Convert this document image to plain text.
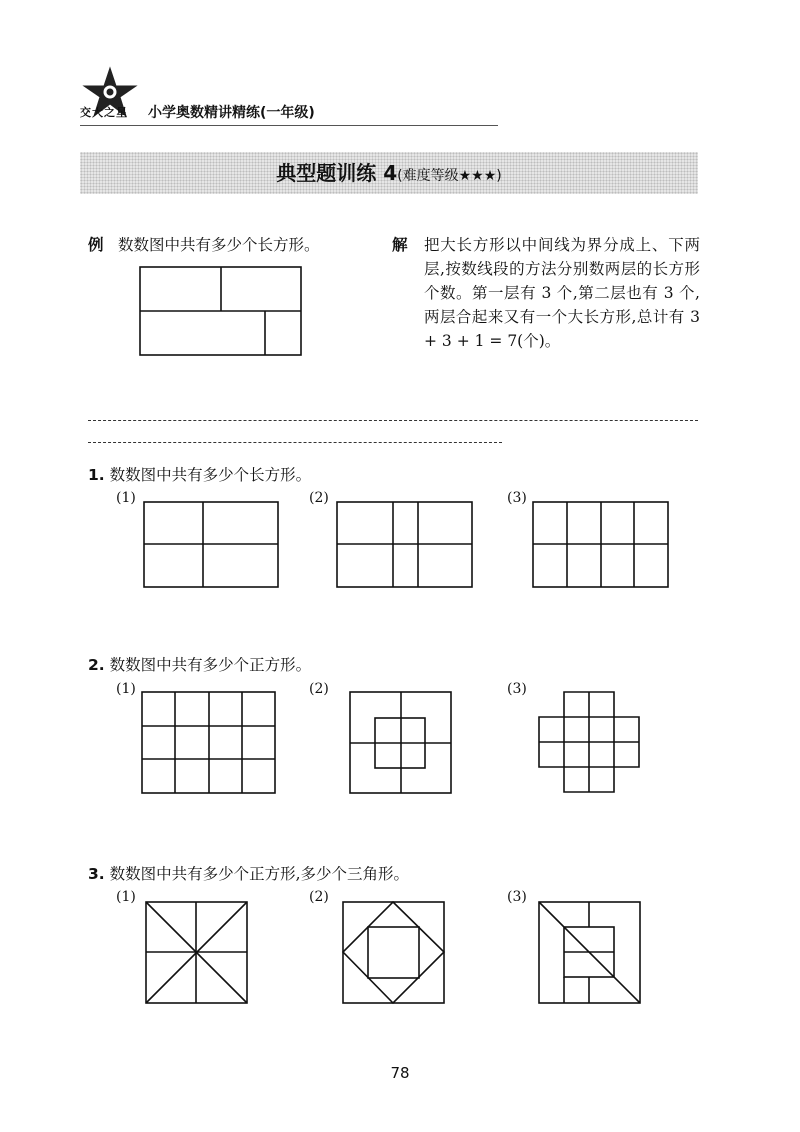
交大之星 小学奥数精讲精练(一年级)
典型题训练 4(难度等级★★★)
例 数数图中共有多少个长方形。	解 把大长方形以中间线为界分成上、下两层,按数线段的方法分别数两层的长方形个数。第一层有 3 个,第二层也有 3 个,两层合起来又有一个大长方形,总计有 3 + 3 + 1 = 7(个)。
1. 数数图中共有多少个长方形。
(1)	(2)	(3)
2. 数数图中共有多少个正方形。
(1)	(2)	(3)
3. 数数图中共有多少个正方形,多少个三角形。
(1)	(2)	(3)
78
